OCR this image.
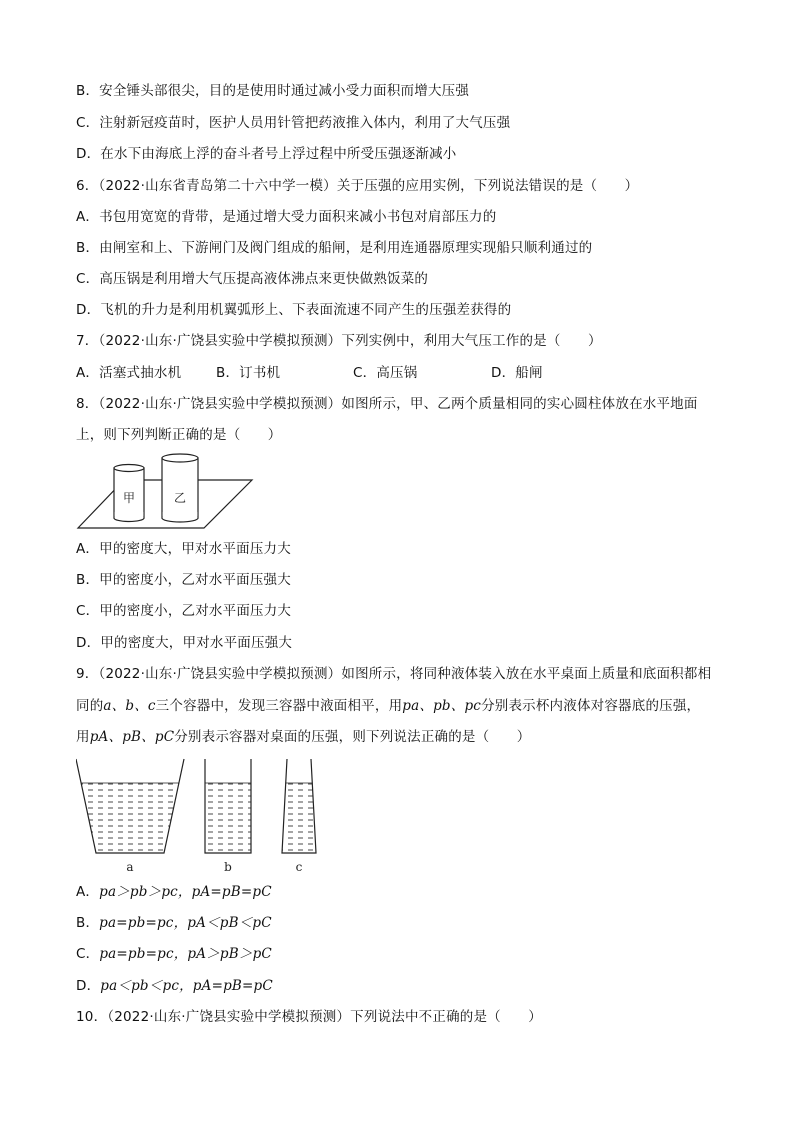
B．安全锤头部很尖，目的是使用时通过减小受力面积而增大压强
C．注射新冠疫苗时，医护人员用针管把药液推入体内，利用了大气压强
D．在水下由海底上浮的奋斗者号上浮过程中所受压强逐渐减小
6．（2022·山东省青岛第二十六中学一模）关于压强的应用实例，下列说法错误的是（　　）
A．书包用宽宽的背带，是通过增大受力面积来减小书包对肩部压力的
B．由闸室和上、下游闸门及阀门组成的船闸，是利用连通器原理实现船只顺利通过的
C．高压锅是利用增大气压提高液体沸点来更快做熟饭菜的
D．飞机的升力是利用机翼弧形上、下表面流速不同产生的压强差获得的
7．（2022·山东·广饶县实验中学模拟预测）下列实例中，利用大气压工作的是（　　）
A．活塞式抽水机	B．订书机	C．高压锅	D．船闸
8．（2022·山东·广饶县实验中学模拟预测）如图所示，甲、乙两个质量相同的实心圆柱体放在水平地面
上，则下列判断正确的是（　　）
甲	乙
A．甲的密度大，甲对水平面压力大
B．甲的密度小，乙对水平面压强大
C．甲的密度小，乙对水平面压力大
D．甲的密度大，甲对水平面压强大
9．（2022·山东·广饶县实验中学模拟预测）如图所示，将同种液体装入放在水平桌面上质量和底面积都相
同的a、b、c三个容器中，发现三容器中液面相平，用pa、pb、pc分别表示杯内液体对容器底的压强，
用pA、pB、pC分别表示容器对桌面的压强，则下列说法正确的是（　　）
a	b	c
A．pa＞pb＞pc，pA=pB=pC
B．pa=pb=pc，pA＜pB＜pC
C．pa=pb=pc，pA＞pB＞pC
D．pa＜pb＜pc，pA=pB=pC
10．（2022·山东·广饶县实验中学模拟预测）下列说法中不正确的是（　　）
